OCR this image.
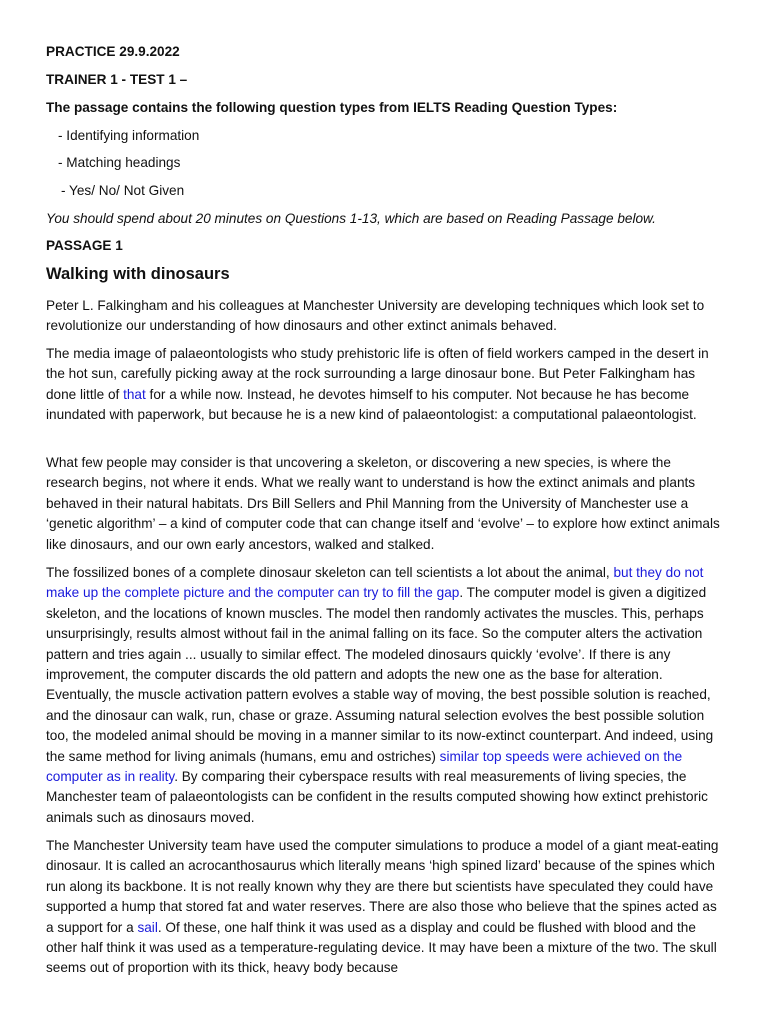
PRACTICE 29.9.2022
TRAINER 1 - TEST 1 –
The passage contains the following question types from IELTS Reading Question Types:
- Identifying information
- Matching headings
- Yes/ No/ Not Given
You should spend about 20 minutes on Questions 1-13, which are based on Reading Passage below.
PASSAGE 1
Walking with dinosaurs

Peter L. Falkingham and his colleagues at Manchester University are developing techniques which look set to revolutionize our understanding of how dinosaurs and other extinct animals behaved.

The media image of palaeontologists who study prehistoric life is often of field workers camped in the desert in the hot sun, carefully picking away at the rock surrounding a large dinosaur bone. But Peter Falkingham has done little of that for a while now. Instead, he devotes himself to his computer. Not because he has become inundated with paperwork, but because he is a new kind of palaeontologist: a computational palaeontologist.

What few people may consider is that uncovering a skeleton, or discovering a new species, is where the research begins, not where it ends. What we really want to understand is how the extinct animals and plants behaved in their natural habitats. Drs Bill Sellers and Phil Manning from the University of Manchester use a ‘genetic algorithm’ – a kind of computer code that can change itself and ‘evolve’ – to explore how extinct animals like dinosaurs, and our own early ancestors, walked and stalked.

The fossilized bones of a complete dinosaur skeleton can tell scientists a lot about the animal, but they do not make up the complete picture and the computer can try to fill the gap. The computer model is given a digitized skeleton, and the locations of known muscles. The model then randomly activates the muscles. This, perhaps unsurprisingly, results almost without fail in the animal falling on its face. So the computer alters the activation pattern and tries again ... usually to similar effect. The modeled dinosaurs quickly ‘evolve’. If there is any improvement, the computer discards the old pattern and adopts the new one as the base for alteration. Eventually, the muscle activation pattern evolves a stable way of moving, the best possible solution is reached, and the dinosaur can walk, run, chase or graze. Assuming natural selection evolves the best possible solution too, the modeled animal should be moving in a manner similar to its now-extinct counterpart. And indeed, using the same method for living animals (humans, emu and ostriches) similar top speeds were achieved on the computer as in reality. By comparing their cyberspace results with real measurements of living species, the Manchester team of palaeontologists can be confident in the results computed showing how extinct prehistoric animals such as dinosaurs moved.

The Manchester University team have used the computer simulations to produce a model of a giant meat-eating dinosaur. It is called an acrocanthosaurus which literally means ‘high spined lizard’ because of the spines which run along its backbone. It is not really known why they are there but scientists have speculated they could have supported a hump that stored fat and water reserves. There are also those who believe that the spines acted as a support for a sail. Of these, one half think it was used as a display and could be flushed with blood and the other half think it was used as a temperature-regulating device. It may have been a mixture of the two. The skull seems out of proportion with its thick, heavy body because
